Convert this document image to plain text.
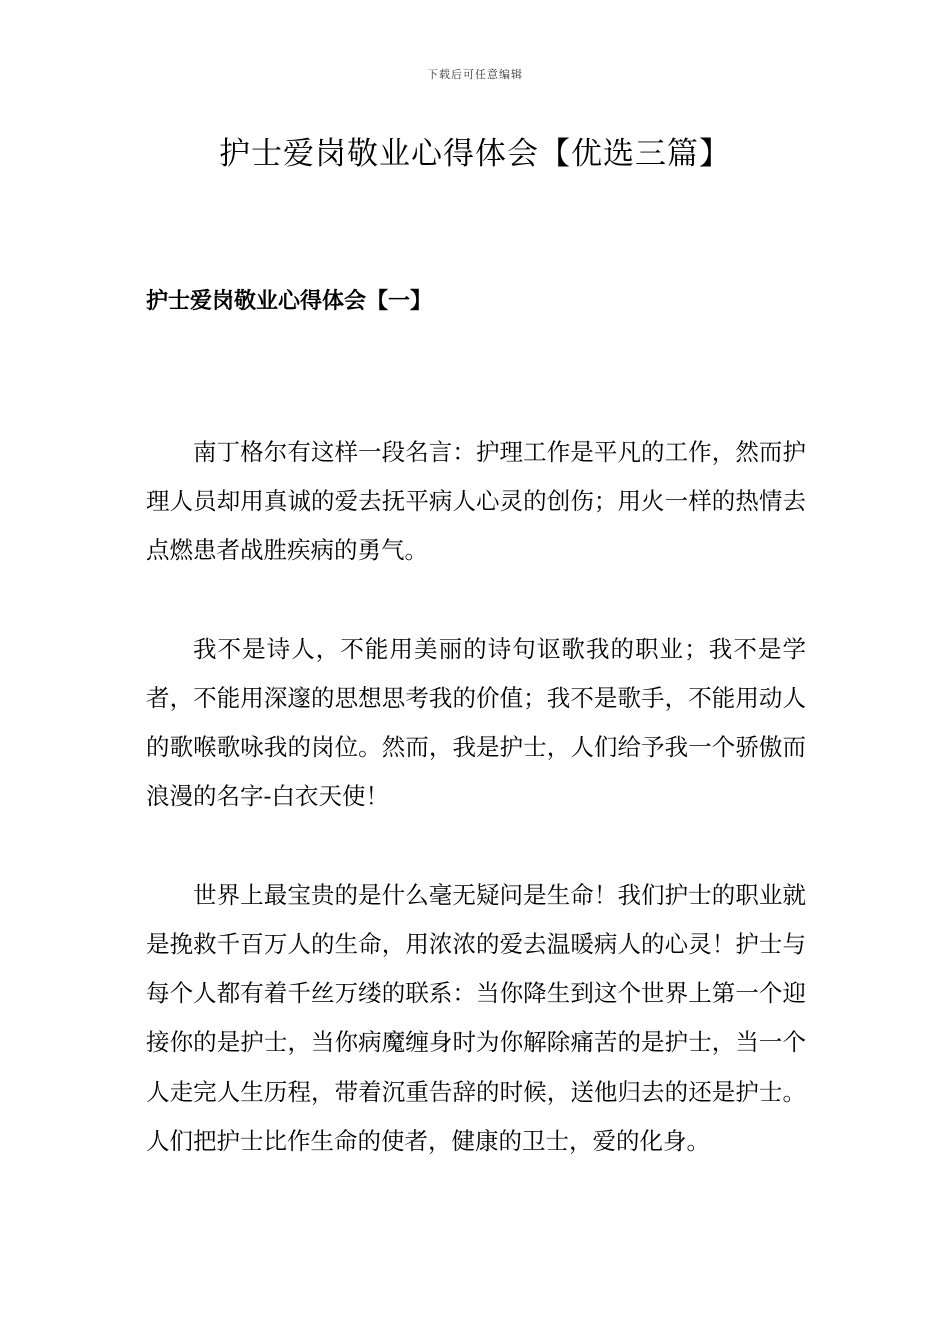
下载后可任意编辑
护士爱岗敬业心得体会【优选三篇】
护士爱岗敬业心得体会【一】

南丁格尔有这样一段名言：护理工作是平凡的工作，然而护理人员却用真诚的爱去抚平病人心灵的创伤；用火一样的热情去点燃患者战胜疾病的勇气。

我不是诗人，不能用美丽的诗句讴歌我的职业；我不是学者，不能用深邃的思想思考我的价值；我不是歌手，不能用动人的歌喉歌咏我的岗位。然而，我是护士，人们给予我一个骄傲而浪漫的名字-白衣天使！

世界上最宝贵的是什么毫无疑问是生命！我们护士的职业就是挽救千百万人的生命，用浓浓的爱去温暖病人的心灵！护士与每个人都有着千丝万缕的联系：当你降生到这个世界上第一个迎接你的是护士，当你病魔缠身时为你解除痛苦的是护士，当一个人走完人生历程，带着沉重告辞的时候，送他归去的还是护士。人们把护士比作生命的使者，健康的卫士，爱的化身。
